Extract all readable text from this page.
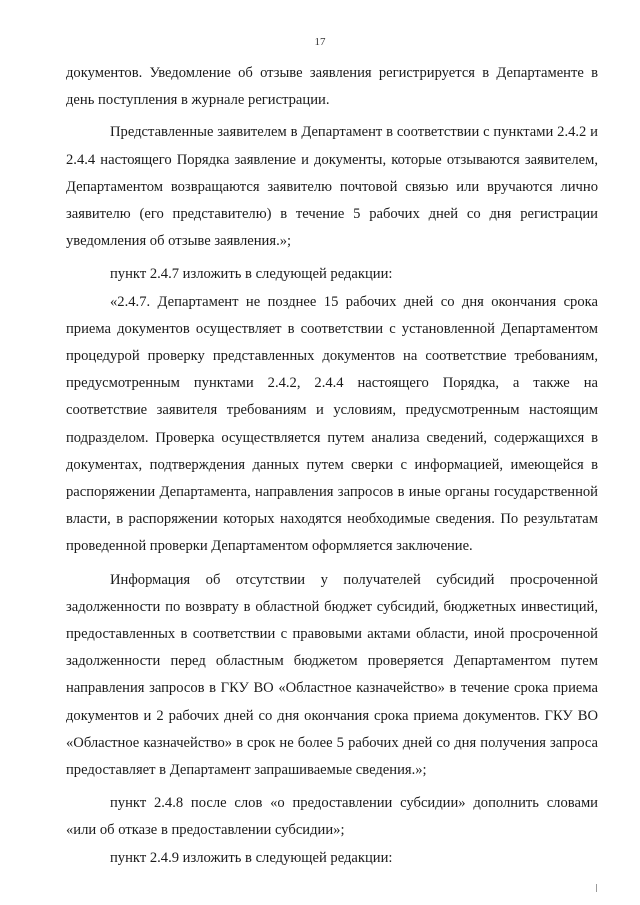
17

документов. Уведомление об отзыве заявления регистрируется в Департаменте в день поступления в журнале регистрации.

Представленные заявителем в Департамент в соответствии с пунктами 2.4.2 и 2.4.4 настоящего Порядка заявление и документы, которые отзываются заявителем, Департаментом возвращаются заявителю почтовой связью или вручаются лично заявителю (его представителю) в течение 5 рабочих дней со дня регистрации уведомления об отзыве заявления.»;

пункт 2.4.7 изложить в следующей редакции:

«2.4.7. Департамент не позднее 15 рабочих дней со дня окончания срока приема документов осуществляет в соответствии с установленной Департаментом процедурой проверку представленных документов на соответствие требованиям, предусмотренным пунктами 2.4.2, 2.4.4 настоящего Порядка, а также на соответствие заявителя требованиям и условиям, предусмотренным настоящим подразделом. Проверка осуществляется путем анализа сведений, содержащихся в документах, подтверждения данных путем сверки с информацией, имеющейся в распоряжении Департамента, направления запросов в иные органы государственной власти, в распоряжении которых находятся необходимые сведения. По результатам проведенной проверки Департаментом оформляется заключение.

Информация об отсутствии у получателей субсидий просроченной задолженности по возврату в областной бюджет субсидий, бюджетных инвестиций, предоставленных в соответствии с правовыми актами области, иной просроченной задолженности перед областным бюджетом проверяется Департаментом путем направления запросов в ГКУ ВО «Областное казначейство» в течение срока приема документов и 2 рабочих дней со дня окончания срока приема документов. ГКУ ВО «Областное казначейство» в срок не более 5 рабочих дней со дня получения запроса предоставляет в Департамент запрашиваемые сведения.»;

пункт 2.4.8 после слов «о предоставлении субсидии» дополнить словами «или об отказе в предоставлении субсидии»;

пункт 2.4.9 изложить в следующей редакции:
